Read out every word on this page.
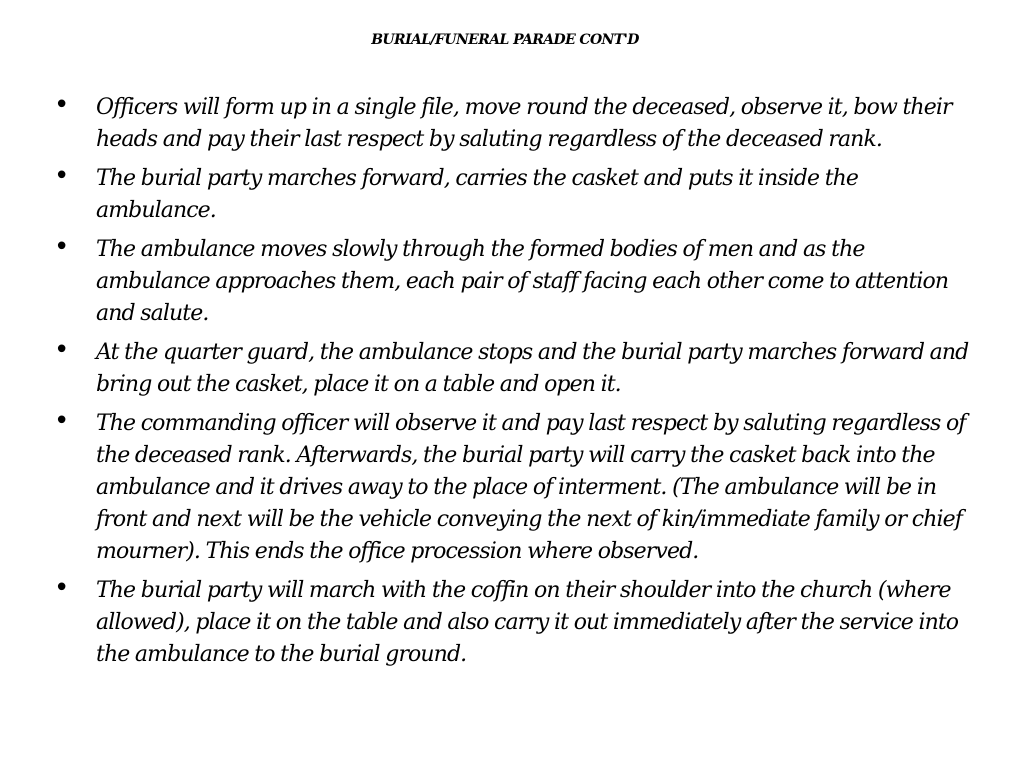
BURIAL/FUNERAL PARADE CONT'D
• Officers will form up in a single file, move round the deceased, observe it, bow their heads and pay their last respect by saluting regardless of the deceased rank.
• The burial party marches forward, carries the casket and puts it inside the ambulance.
• The ambulance moves slowly through the formed bodies of men and as the ambulance approaches them, each pair of staff facing each other come to attention and salute.
• At the quarter guard, the ambulance stops and the burial party marches forward and bring out the casket, place it on a table and open it.
• The commanding officer will observe it and pay last respect by saluting regardless of the deceased rank. Afterwards, the burial party will carry the casket back into the ambulance and it drives away to the place of interment. (The ambulance will be in front and next will be the vehicle conveying the next of kin/immediate family or chief mourner). This ends the office procession where observed.
• The burial party will march with the coffin on their shoulder into the church (where allowed), place it on the table and also carry it out immediately after the service into the ambulance to the burial ground.
